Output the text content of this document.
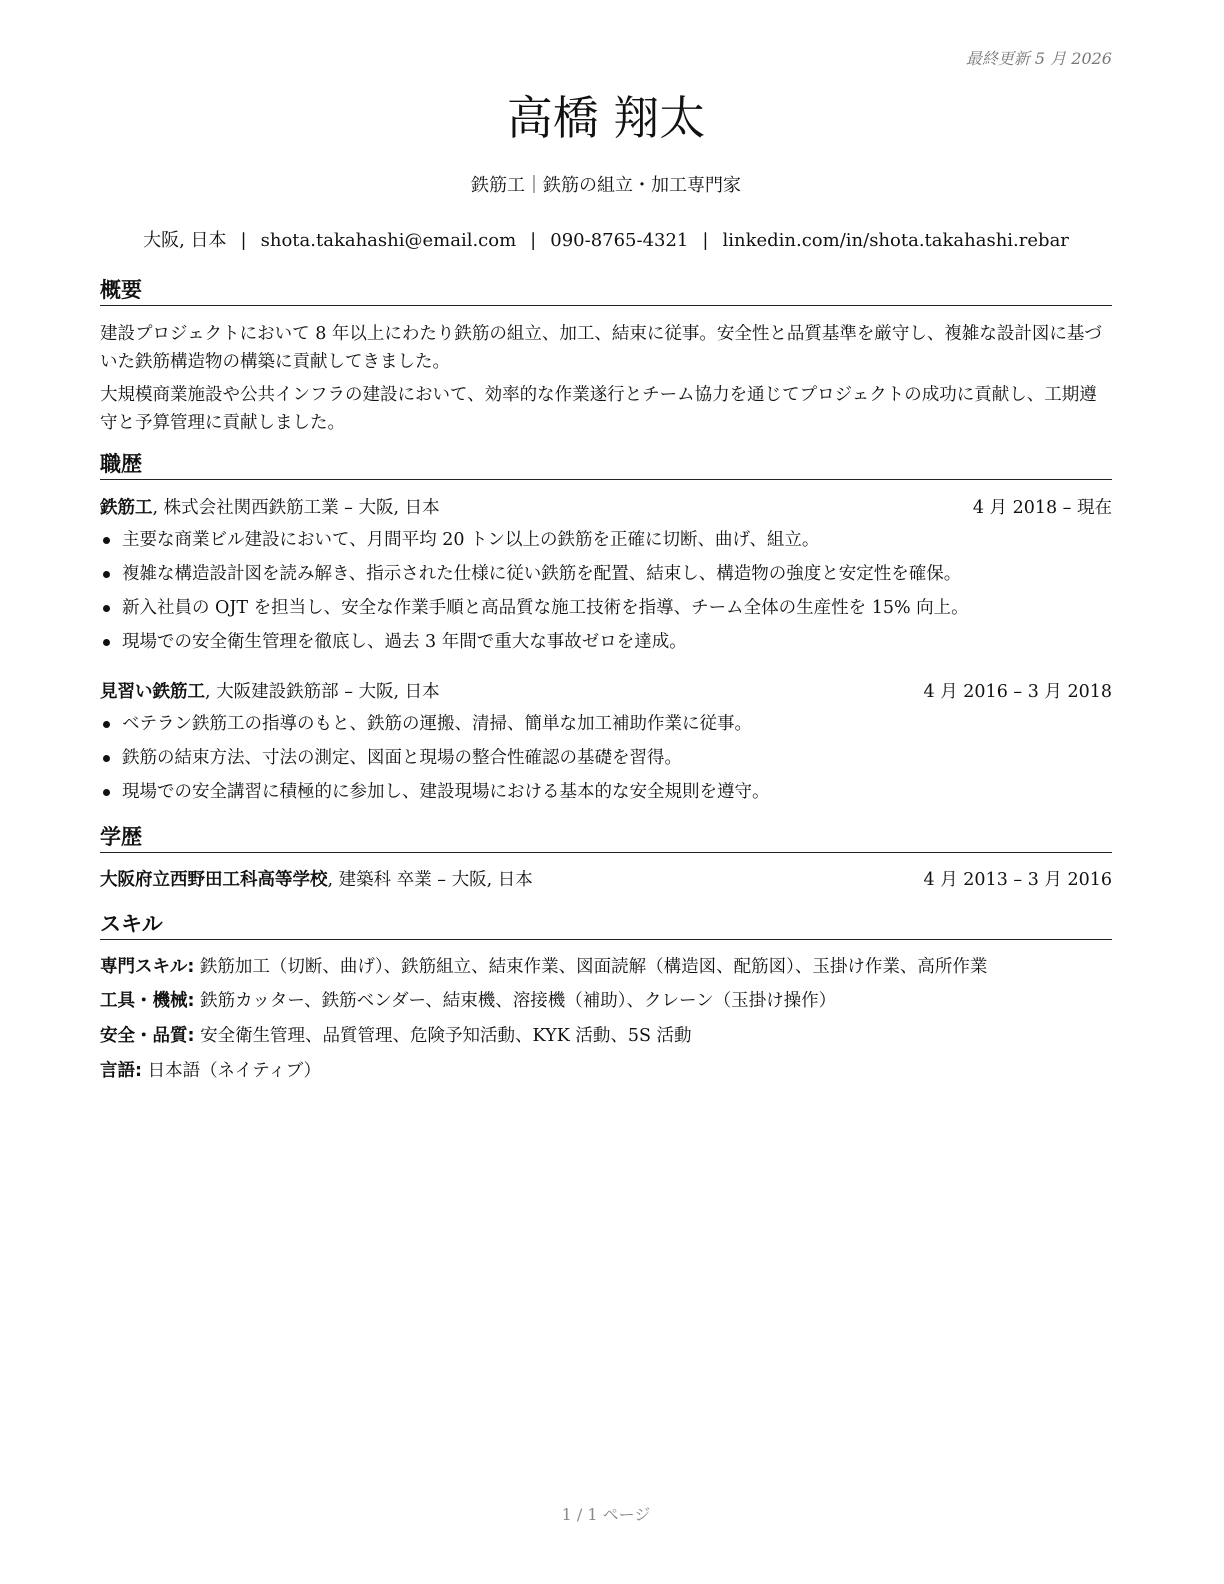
最終更新 5 月 2026
高橋 翔太
鉄筋工｜鉄筋の組立・加工専門家
大阪, 日本 | shota.takahashi@email.com | 090-8765-4321 | linkedin.com/in/shota.takahashi.rebar
概要
建設プロジェクトにおいて 8 年以上にわたり鉄筋の組立、加工、結束に従事。安全性と品質基準を厳守し、複雑な設計図に基づいた鉄筋構造物の構築に貢献してきました。
大規模商業施設や公共インフラの建設において、効率的な作業遂行とチーム協力を通じてプロジェクトの成功に貢献し、工期遵守と予算管理に貢献しました。
職歴
鉄筋工, 株式会社関西鉄筋工業 – 大阪, 日本	4 月 2018 – 現在
主要な商業ビル建設において、月間平均 20 トン以上の鉄筋を正確に切断、曲げ、組立。
複雑な構造設計図を読み解き、指示された仕様に従い鉄筋を配置、結束し、構造物の強度と安定性を確保。
新入社員の OJT を担当し、安全な作業手順と高品質な施工技術を指導、チーム全体の生産性を 15% 向上。
現場での安全衛生管理を徹底し、過去 3 年間で重大な事故ゼロを達成。
見習い鉄筋工, 大阪建設鉄筋部 – 大阪, 日本	4 月 2016 – 3 月 2018
ベテラン鉄筋工の指導のもと、鉄筋の運搬、清掃、簡単な加工補助作業に従事。
鉄筋の結束方法、寸法の測定、図面と現場の整合性確認の基礎を習得。
現場での安全講習に積極的に参加し、建設現場における基本的な安全規則を遵守。
学歴
大阪府立西野田工科高等学校, 建築科 卒業 – 大阪, 日本	4 月 2013 – 3 月 2016
スキル
専門スキル: 鉄筋加工（切断、曲げ）、鉄筋組立、結束作業、図面読解（構造図、配筋図）、玉掛け作業、高所作業
工具・機械: 鉄筋カッター、鉄筋ベンダー、結束機、溶接機（補助）、クレーン（玉掛け操作）
安全・品質: 安全衛生管理、品質管理、危険予知活動、KYK 活動、5S 活動
言語: 日本語（ネイティブ）
1 / 1 ページ
